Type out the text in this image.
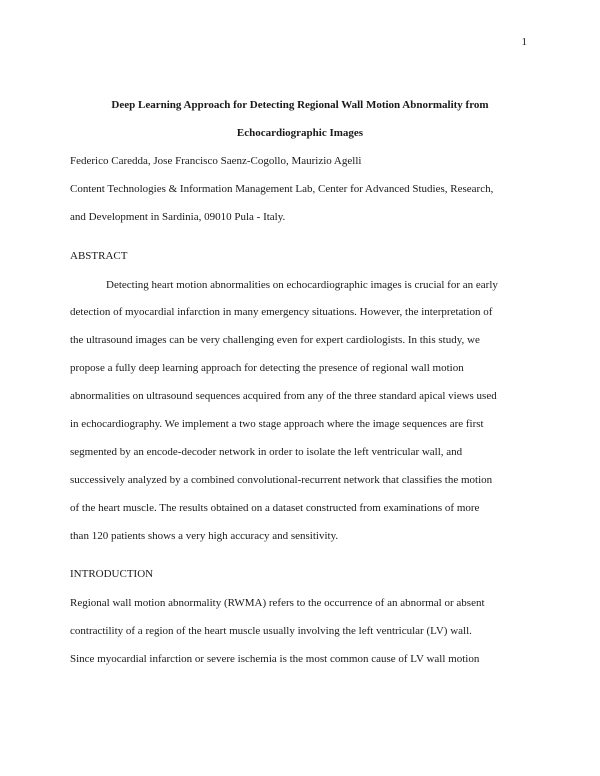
1
Deep Learning Approach for Detecting Regional Wall Motion Abnormality from
Echocardiographic Images
Federico Caredda, Jose Francisco Saenz-Cogollo, Maurizio Agelli
Content Technologies & Information Management Lab, Center for Advanced Studies, Research,
and Development in Sardinia, 09010 Pula - Italy.
ABSTRACT
Detecting heart motion abnormalities on echocardiographic images is crucial for an early
detection of myocardial infarction in many emergency situations. However, the interpretation of
the ultrasound images can be very challenging even for expert cardiologists. In this study, we
propose a fully deep learning approach for detecting the presence of regional wall motion
abnormalities on ultrasound sequences acquired from any of the three standard apical views used
in echocardiography. We implement a two stage approach where the image sequences are first
segmented by an encode-decoder network in order to isolate the left ventricular wall, and
successively analyzed by a combined convolutional-recurrent network that classifies the motion
of the heart muscle. The results obtained on a dataset constructed from examinations of more
than 120 patients shows a very high accuracy and sensitivity.
INTRODUCTION
Regional wall motion abnormality (RWMA) refers to the occurrence of an abnormal or absent
contractility of a region of the heart muscle usually involving the left ventricular (LV) wall.
Since myocardial infarction or severe ischemia is the most common cause of LV wall motion
